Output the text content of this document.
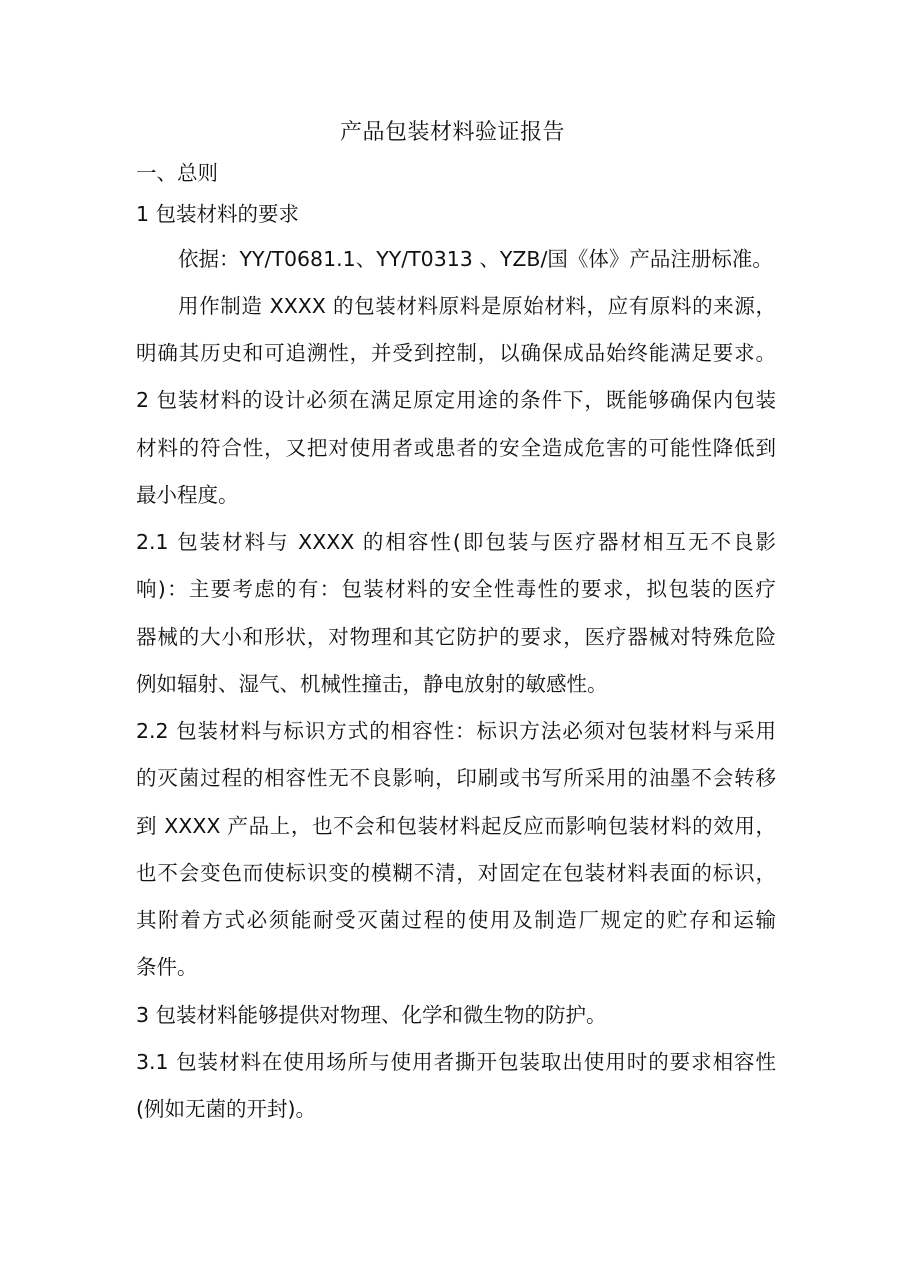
产品包装材料验证报告
一、总则
1 包装材料的要求
依据：YY/T0681.1、YY/T0313 、YZB/国《体》产品注册标准。
用作制造 XXXX 的包装材料原料是原始材料，应有原料的来源，
明确其历史和可追溯性，并受到控制，以确保成品始终能满足要求。
2 包装材料的设计必须在满足原定用途的条件下，既能够确保内包装
材料的符合性，又把对使用者或患者的安全造成危害的可能性降低到
最小程度。
2.1 包装材料与 XXXX 的相容性(即包装与医疗器材相互无不良影
响)：主要考虑的有：包装材料的安全性毒性的要求，拟包装的医疗
器械的大小和形状，对物理和其它防护的要求，医疗器械对特殊危险
例如辐射、湿气、机械性撞击，静电放射的敏感性。
2.2 包装材料与标识方式的相容性：标识方法必须对包装材料与采用
的灭菌过程的相容性无不良影响，印刷或书写所采用的油墨不会转移
到 XXXX 产品上，也不会和包装材料起反应而影响包装材料的效用，
也不会变色而使标识变的模糊不清，对固定在包装材料表面的标识，
其附着方式必须能耐受灭菌过程的使用及制造厂规定的贮存和运输
条件。
3 包装材料能够提供对物理、化学和微生物的防护。
3.1 包装材料在使用场所与使用者撕开包装取出使用时的要求相容性
(例如无菌的开封)。
